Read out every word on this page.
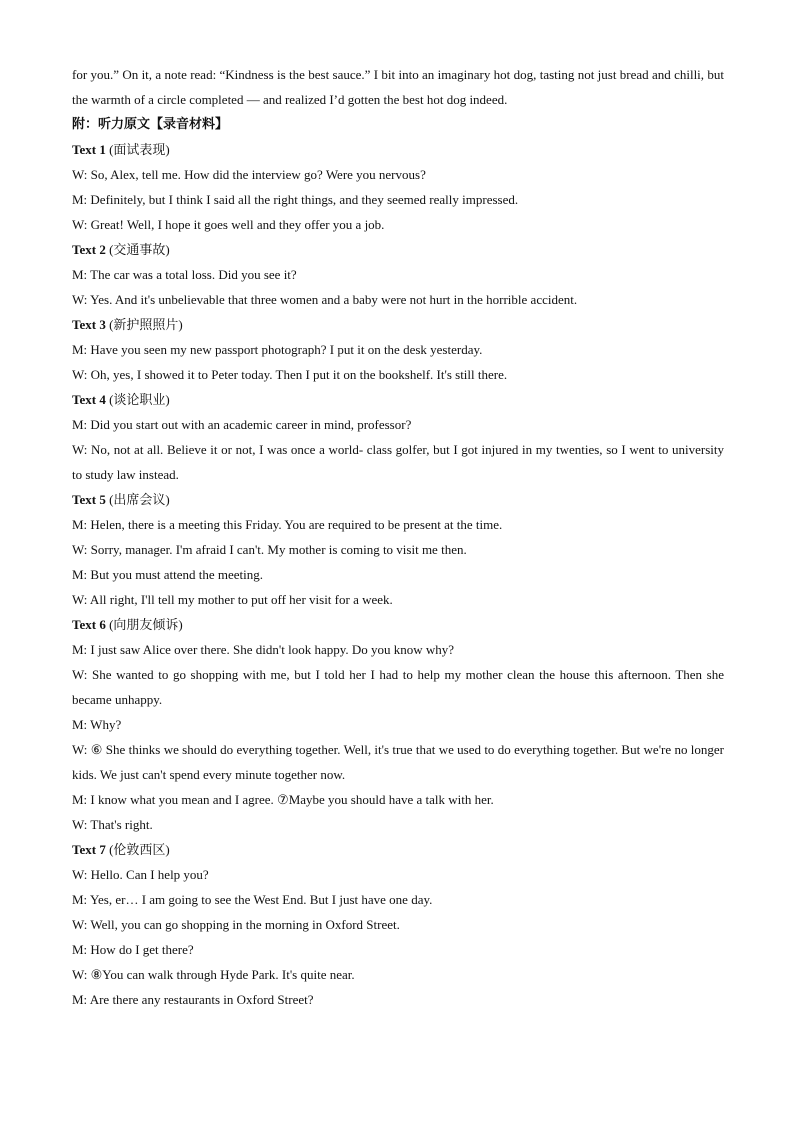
for you.” On it, a note read: “Kindness is the best sauce.” I bit into an imaginary hot dog, tasting not just bread and chilli, but the warmth of a circle completed — and realized I’d gotten the best hot dog indeed.

附：听力原文【录音材料】

Text 1 (面试表现)

W: So, Alex, tell me. How did the interview go? Were you nervous?

M: Definitely, but I think I said all the right things, and they seemed really impressed.

W: Great! Well, I hope it goes well and they offer you a job.

Text 2 (交通事故)

M: The car was a total loss. Did you see it?

W: Yes. And it's unbelievable that three women and a baby were not hurt in the horrible accident.

Text 3 (新护照照片)

M: Have you seen my new passport photograph? I put it on the desk yesterday.

W: Oh, yes, I showed it to Peter today. Then I put it on the bookshelf. It's still there.

Text 4 (谈论职业)

M: Did you start out with an academic career in mind, professor?

W: No, not at all. Believe it or not, I was once a world- class golfer, but I got injured in my twenties, so I went to university to study law instead.

Text 5 (出席会议)

M: Helen, there is a meeting this Friday. You are required to be present at the time.

W: Sorry, manager. I'm afraid I can't. My mother is coming to visit me then.

M: But you must attend the meeting.

W: All right, I'll tell my mother to put off her visit for a week.

Text 6 (向朋友倾诉)

M: I just saw Alice over there. She didn't look happy. Do you know why?

W: She wanted to go shopping with me, but I told her I had to help my mother clean the house this afternoon. Then she became unhappy.

M: Why?

W: ⑥ She thinks we should do everything together. Well, it's true that we used to do everything together. But we're no longer kids. We just can't spend every minute together now.

M: I know what you mean and I agree. ⑦Maybe you should have a talk with her.

W: That's right.

Text 7 (伦敦西区)

W: Hello. Can I help you?

M: Yes, er… I am going to see the West End. But I just have one day.

W: Well, you can go shopping in the morning in Oxford Street.

M: How do I get there?

W: ⑧You can walk through Hyde Park. It's quite near.

M: Are there any restaurants in Oxford Street?
